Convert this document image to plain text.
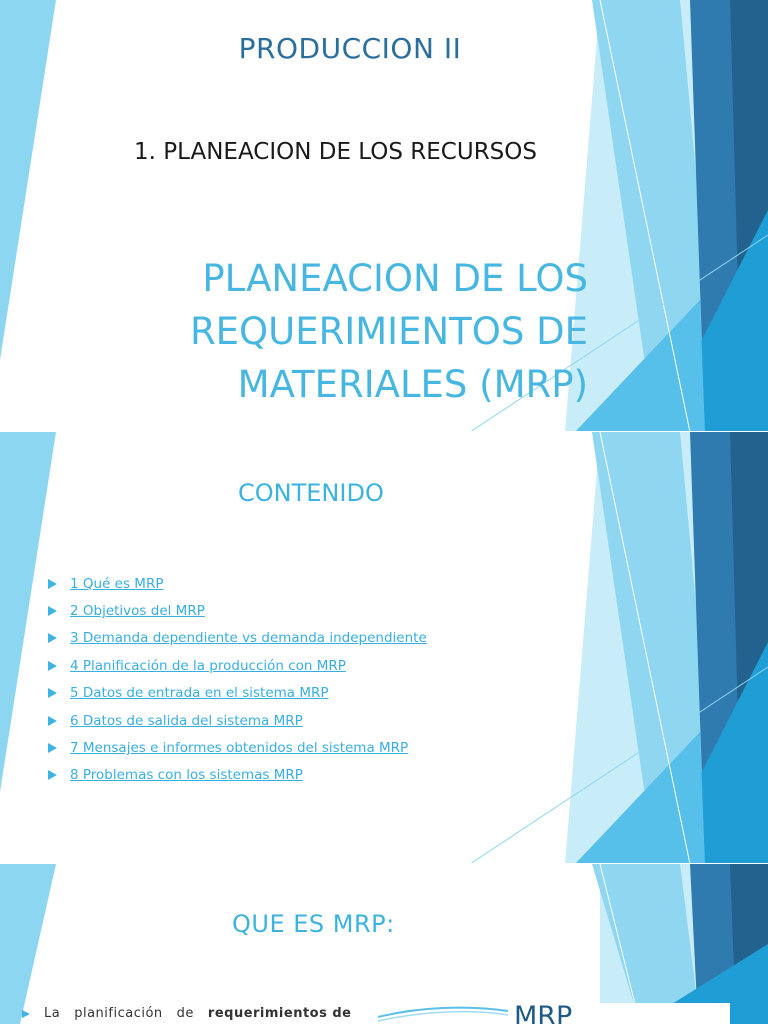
PRODUCCION II
1. PLANEACION DE LOS RECURSOS
PLANEACION DE LOS
REQUERIMIENTOS DE
MATERIALES (MRP)
CONTENIDO
1 Qué es MRP
2 Objetivos del MRP
3 Demanda dependiente vs demanda independiente
4 Planificación de la producción con MRP
5 Datos de entrada en el sistema MRP
6 Datos de salida del sistema MRP
7 Mensajes e informes obtenidos del sistema MRP
8 Problemas con los sistemas MRP
QUE ES MRP:
La planificación de requerimientos de	MRP
